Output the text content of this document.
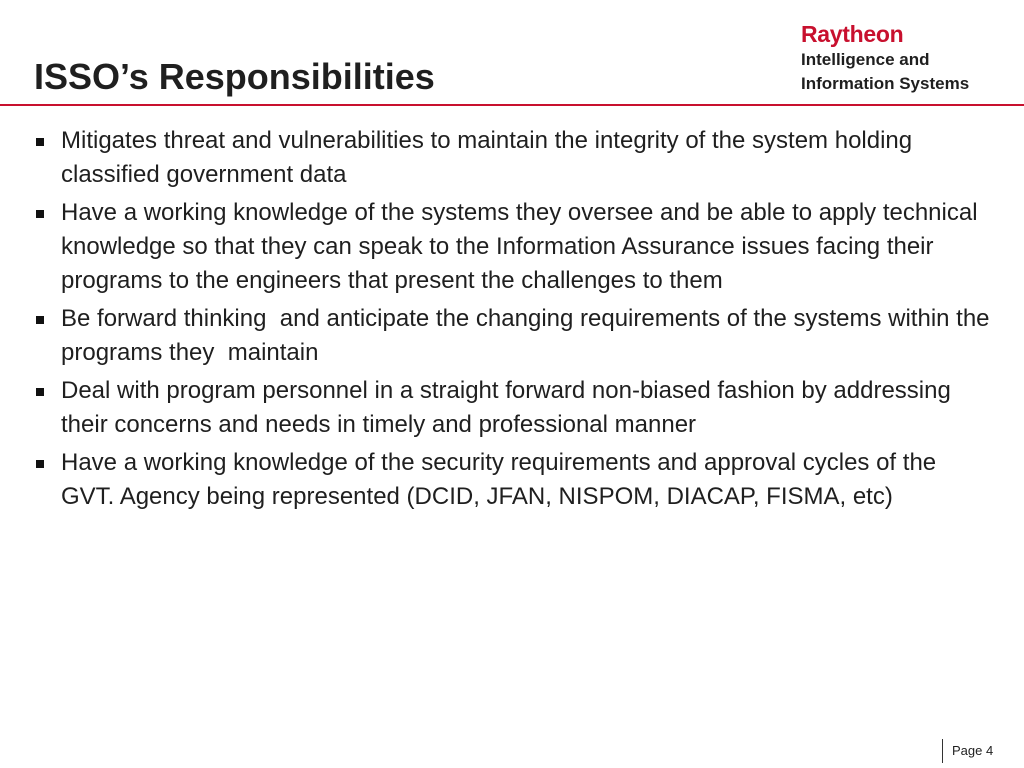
ISSO’s Responsibilities
Raytheon
Intelligence and
Information Systems
Mitigates threat and vulnerabilities to maintain the integrity of the system holding classified government data
Have a working knowledge of the systems they oversee and be able to apply technical knowledge so that they can speak to the Information Assurance issues facing their programs to the engineers that present the challenges to them
Be forward thinking  and anticipate the changing requirements of the systems within the programs they  maintain
Deal with program personnel in a straight forward non-biased fashion by addressing their concerns and needs in timely and professional manner
Have a working knowledge of the security requirements and approval cycles of the GVT. Agency being represented (DCID, JFAN, NISPOM, DIACAP, FISMA, etc)
Page 4
